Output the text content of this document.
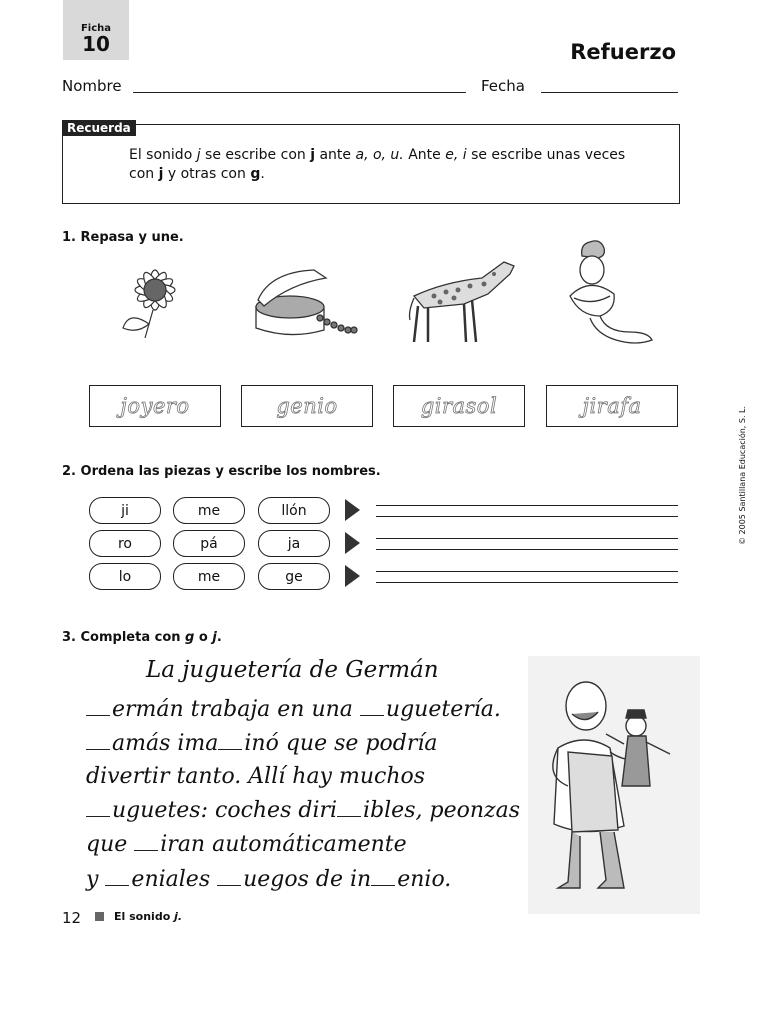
Ficha
10	Refuerzo
Nombre	Fecha
Recuerda
El sonido j se escribe con j ante a, o, u. Ante e, i se escribe unas veces con j y otras con g.
1. Repasa y une.
joyero	genio	girasol	jirafa
2. Ordena las piezas y escribe los nombres.
ji	me	llón
ro	pá	ja
lo	me	ge
3. Completa con g o j.
La juguetería de Germán
ermán trabaja en una uguetería.
amás ima inó que se podría
divertir tanto. Allí hay muchos
uguetes: coches diri ibles, peonzas
que iran automáticamente
y eniales uegos de in enio.
12	El sonido j.
© 2005 Santillana Educación, S. L.
